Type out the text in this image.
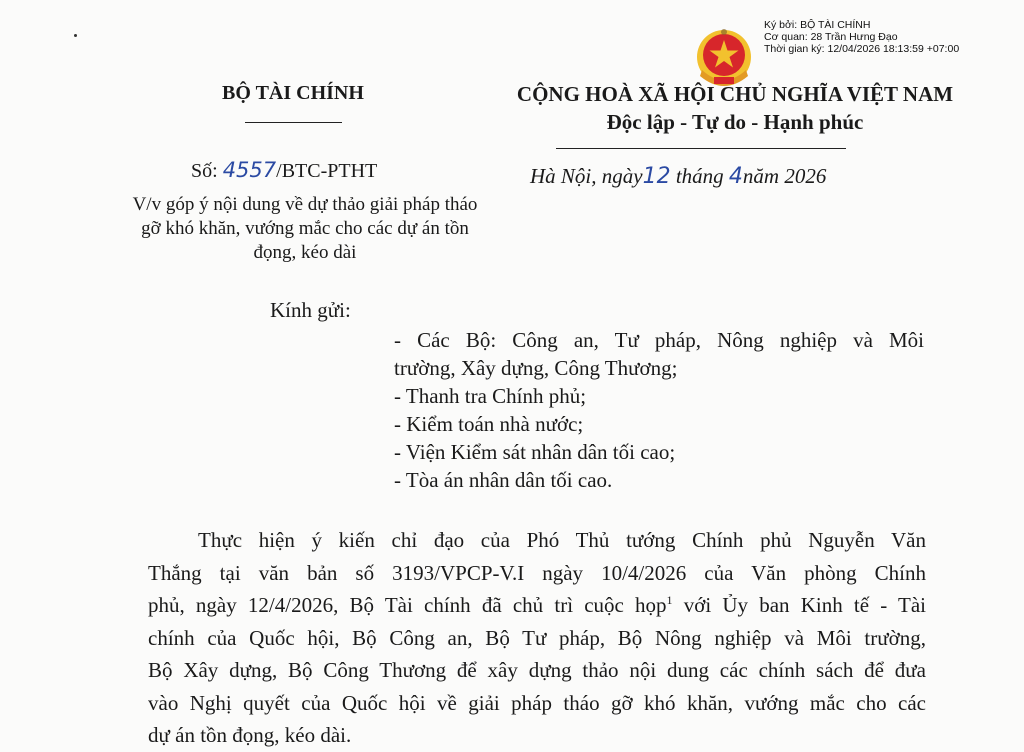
Ký bởi: BỘ TÀI CHÍNH
Cơ quan: 28 Trần Hưng Đạo
Thời gian ký: 12/04/2026 18:13:59 +07:00
BỘ TÀI CHÍNH
Số: 4557/BTC-PTHT
V/v góp ý nội dung về dự thảo giải pháp tháo gỡ khó khăn, vướng mắc cho các dự án tồn đọng, kéo dài
CỘNG HOÀ XÃ HỘI CHỦ NGHĨA VIỆT NAM
Độc lập - Tự do - Hạnh phúc
Hà Nội, ngày12 tháng 4năm 2026
Kính gửi:
- Các Bộ: Công an, Tư pháp, Nông nghiệp và Môi
trường, Xây dựng, Công Thương;
- Thanh tra Chính phủ;
- Kiểm toán nhà nước;
- Viện Kiểm sát nhân dân tối cao;
- Tòa án nhân dân tối cao.
Thực hiện ý kiến chỉ đạo của Phó Thủ tướng Chính phủ Nguyễn Văn
Thắng tại văn bản số 3193/VPCP-V.I ngày 10/4/2026 của Văn phòng Chính
phủ, ngày 12/4/2026, Bộ Tài chính đã chủ trì cuộc họp$^1$ với Ủy ban Kinh tế - Tài
chính của Quốc hội, Bộ Công an, Bộ Tư pháp, Bộ Nông nghiệp và Môi trường,
Bộ Xây dựng, Bộ Công Thương để xây dựng thảo nội dung các chính sách để đưa
vào Nghị quyết của Quốc hội về giải pháp tháo gỡ khó khăn, vướng mắc cho các
dự án tồn đọng, kéo dài.
